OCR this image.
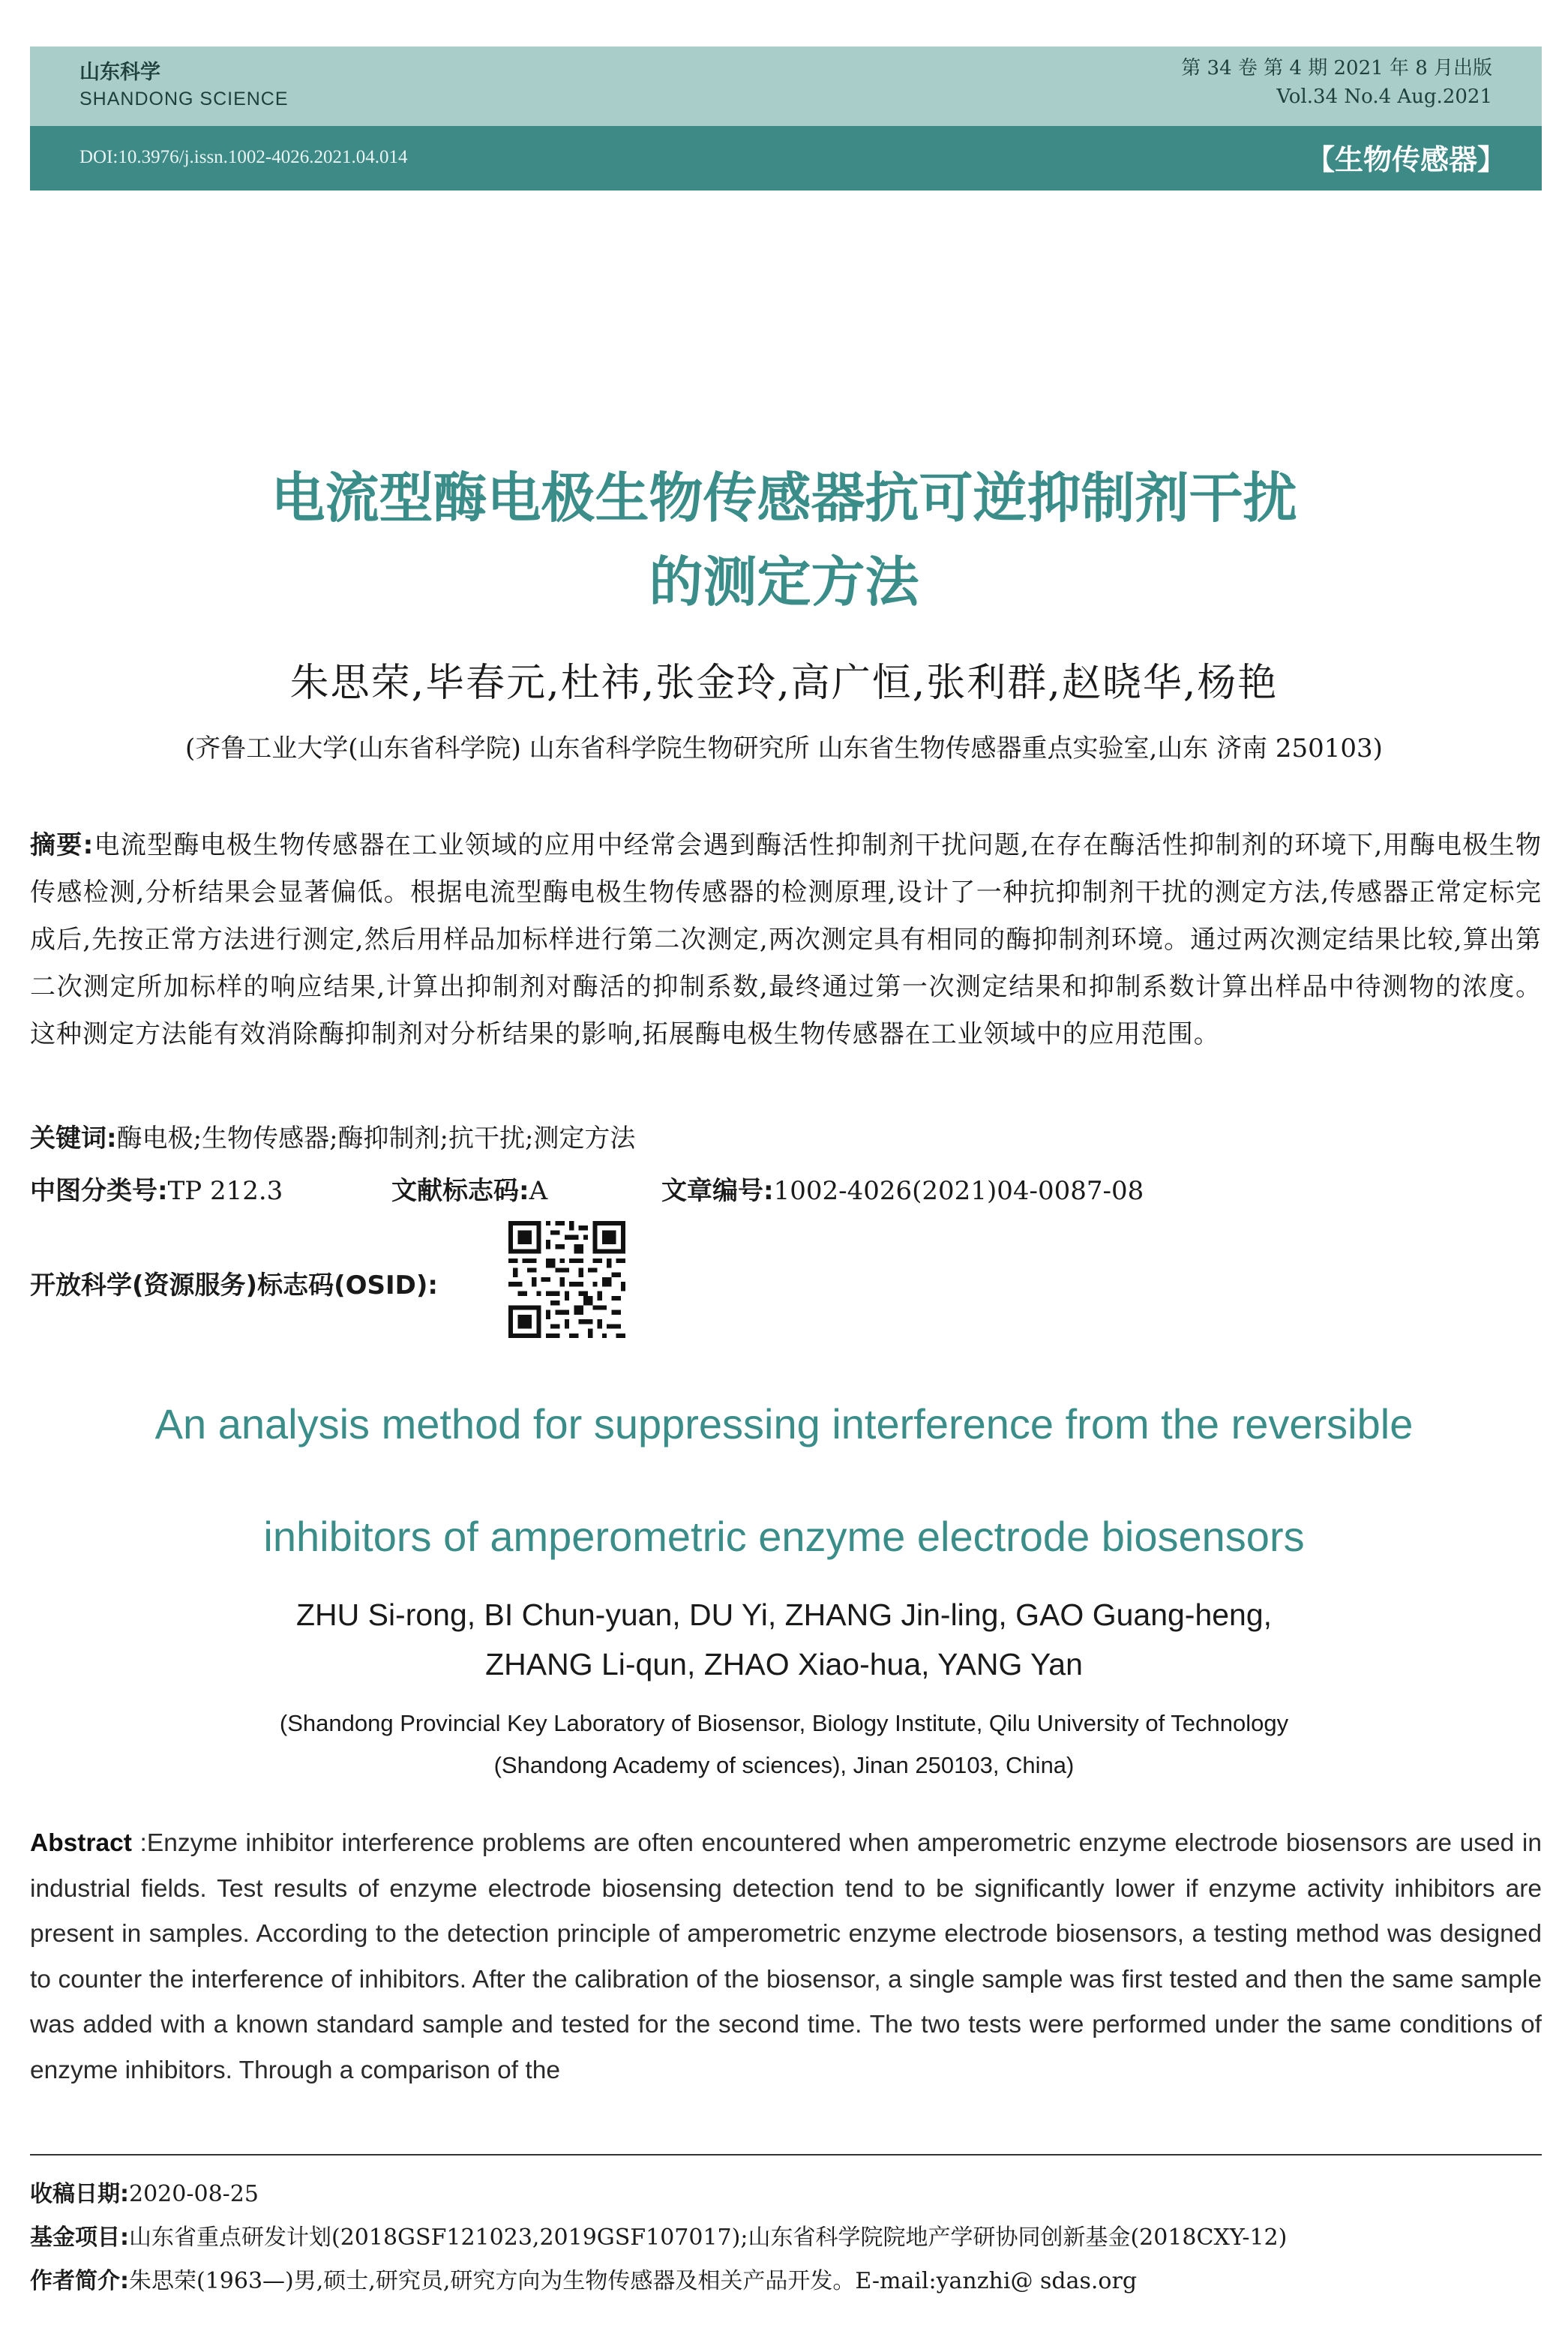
山东科学
SHANDONG SCIENCE
第 34 卷 第 4 期 2021 年 8 月出版
Vol.34 No.4 Aug.2021
DOI:10.3976/j.issn.1002-4026.2021.04.014	【生物传感器】
电流型酶电极生物传感器抗可逆抑制剂干扰
的测定方法
朱思荣,毕春元,杜祎,张金玲,高广恒,张利群,赵晓华,杨艳
(齐鲁工业大学(山东省科学院) 山东省科学院生物研究所 山东省生物传感器重点实验室,山东 济南 250103)
摘要:电流型酶电极生物传感器在工业领域的应用中经常会遇到酶活性抑制剂干扰问题,在存在酶活性抑制剂的环境下,用酶电极生物传感检测,分析结果会显著偏低。根据电流型酶电极生物传感器的检测原理,设计了一种抗抑制剂干扰的测定方法,传感器正常定标完成后,先按正常方法进行测定,然后用样品加标样进行第二次测定,两次测定具有相同的酶抑制剂环境。通过两次测定结果比较,算出第二次测定所加标样的响应结果,计算出抑制剂对酶活的抑制系数,最终通过第一次测定结果和抑制系数计算出样品中待测物的浓度。这种测定方法能有效消除酶抑制剂对分析结果的影响,拓展酶电极生物传感器在工业领域中的应用范围。
关键词:酶电极;生物传感器;酶抑制剂;抗干扰;测定方法
中图分类号:TP 212.3	文献标志码:A	文章编号:1002-4026(2021)04-0087-08
开放科学(资源服务)标志码(OSID):
An analysis method for suppressing interference from the reversible
inhibitors of amperometric enzyme electrode biosensors
ZHU Si-rong, BI Chun-yuan, DU Yi, ZHANG Jin-ling, GAO Guang-heng,
ZHANG Li-qun, ZHAO Xiao-hua, YANG Yan
(Shandong Provincial Key Laboratory of Biosensor, Biology Institute, Qilu University of Technology
(Shandong Academy of sciences), Jinan 250103, China)
Abstract :Enzyme inhibitor interference problems are often encountered when amperometric enzyme electrode biosensors are used in industrial fields. Test results of enzyme electrode biosensing detection tend to be significantly lower if enzyme activity inhibitors are present in samples. According to the detection principle of amperometric enzyme electrode biosensors, a testing method was designed to counter the interference of inhibitors. After the calibration of the biosensor, a single sample was first tested and then the same sample was added with a known standard sample and tested for the second time. The two tests were performed under the same conditions of enzyme inhibitors. Through a comparison of the
收稿日期:2020-08-25
基金项目:山东省重点研发计划(2018GSF121023,2019GSF107017);山东省科学院院地产学研协同创新基金(2018CXY-12)
作者简介:朱思荣(1963—)男,硕士,研究员,研究方向为生物传感器及相关产品开发。E-mail:yanzhi@ sdas.org
